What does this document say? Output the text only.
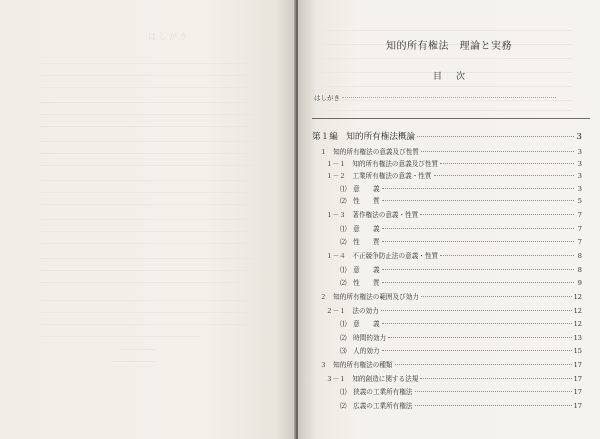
は し が き
知的所有権法　理論と実務
目次
はしがき
第１編　知的所有権法概論	3
１　知的所有権法の意義及び性質	3
１－１　知的所有権法の意義及び性質	3
１－２　工業所有権法の意義・性質	3
⑴　意　　義	3
⑵　性　　質	5
１－３　著作権法の意義・性質	7
⑴　意　　義	7
⑵　性　　質	7
１－４　不正競争防止法の意義・性質	8
⑴　意　　義	8
⑵　性　　質	9
２　知的所有権法の範囲及び効力	12
２－１　法の効力	12
⑴　意　　義	12
⑵　時間的効力	13
⑶　人的効力	15
３　知的所有権法の種類	17
３－１　知的創造に関する法規	17
⑴　狭義の工業所有権法	17
⑵　広義の工業所有権法	17
